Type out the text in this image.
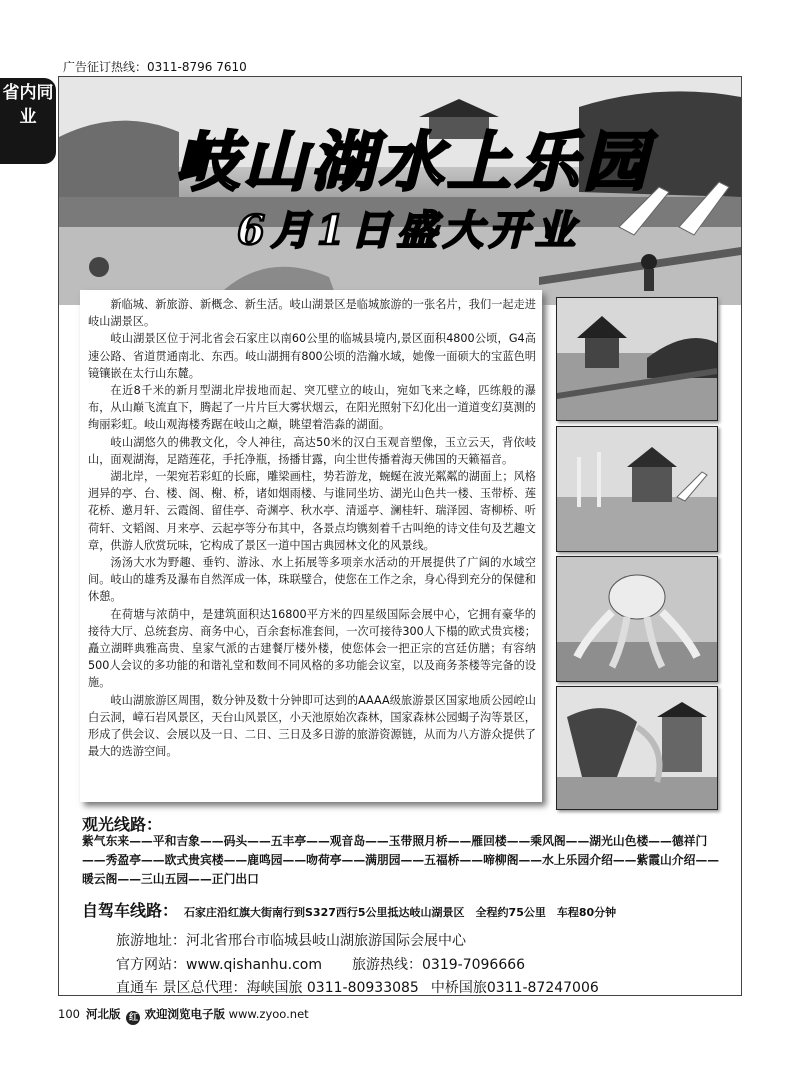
广告征订热线：0311-8796 7610
省内同业
岐山湖水上乐园
6月1日盛大开业

新临城、新旅游、新概念、新生活。岐山湖景区是临城旅游的一张名片，我们一起走进岐山湖景区。

岐山湖景区位于河北省会石家庄以南60公里的临城县境内,景区面积4800公顷，G4高速公路、省道贯通南北、东西。岐山湖拥有800公顷的浩瀚水域，她像一面硕大的宝蓝色明镜镶嵌在太行山东麓。

在近8千米的新月型湖北岸拔地而起、突兀壁立的岐山，宛如飞来之峰，匹练般的瀑布，从山巅飞流直下，腾起了一片片巨大雾状烟云，在阳光照射下幻化出一道道变幻莫测的绚丽彩虹。岐山观海楼秀踞在岐山之巅，眺望着浩淼的湖面。

岐山湖悠久的佛教文化，令人神往，高达50米的汉白玉观音塑像，玉立云天，背依岐山，面观湖海，足踏莲花，手托净瓶，扬播甘露，向尘世传播着海天佛国的天籁福音。

湖北岸，一架宛若彩虹的长廊，雕梁画柱，势若游龙，蜿蜒在波光粼粼的湖面上；风格迥异的亭、台、楼、阁、榭、桥，诸如烟雨楼、与谁同坐坊、湖光山色共一楼、玉带桥、莲花桥、邀月轩、云霞阁、留佳亭、奇渊亭、秋水亭、清遥亭、澜桂轩、瑞泽园、寄柳桥、听荷轩、文韬阁、月来亭、云起亭等分布其中，各景点均镌刻着千古叫绝的诗文佳句及艺趣文章，供游人欣赏玩味，它构成了景区一道中国古典园林文化的风景线。

汤汤大水为野趣、垂钓、游泳、水上拓展等多项亲水活动的开展提供了广阔的水域空间。岐山的雄秀及瀑布自然浑成一体，珠联璧合，使您在工作之余，身心得到充分的保健和休憩。

在荷塘与浓荫中，是建筑面积达16800平方米的四星级国际会展中心，它拥有豪华的接待大厅、总统套房、商务中心，百余套标准套间，一次可接待300人下榻的欧式贵宾楼；矗立湖畔典雅高贵、皇家气派的古建餐厅楼外楼，使您体会一把正宗的宫廷仿膳；有容纳500人会议的多功能的和谐礼堂和数间不同风格的多功能会议室，以及商务茶楼等完备的设施。

岐山湖旅游区周围，数分钟及数十分钟即可达到的AAAA级旅游景区国家地质公园崆山白云洞，嶂石岩风景区，天台山风景区，小天池原始次森林，国家森林公园蝎子沟等景区，形成了供会议、会展以及一日、二日、三日及多日游的旅游资源链，从而为八方游众提供了最大的选游空间。

观光线路：
紫气东来——平和吉象——码头——五丰亭——观音岛——玉带照月桥——雁回楼——乘风阁——湖光山色楼——德祥门——秀盈亭——欧式贵宾楼——鹿鸣园——吻荷亭——满朋园——五福桥——啼柳阁——水上乐园介绍——紫霞山介绍——暖云阁——三山五园——正门出口
自驾车线路： 石家庄沿红旗大街南行到S327西行5公里抵达岐山湖景区　全程约75公里　车程80分钟
旅游地址：河北省邢台市临城县岐山湖旅游国际会展中心
官方网站：www.qishanhu.com 旅游热线：0319-7096666
直通车 景区总代理：海峡国旅 0311-80933085 中桥国旅0311-87247006
100 河北版 红 欢迎浏览电子版 www.zyoo.net
